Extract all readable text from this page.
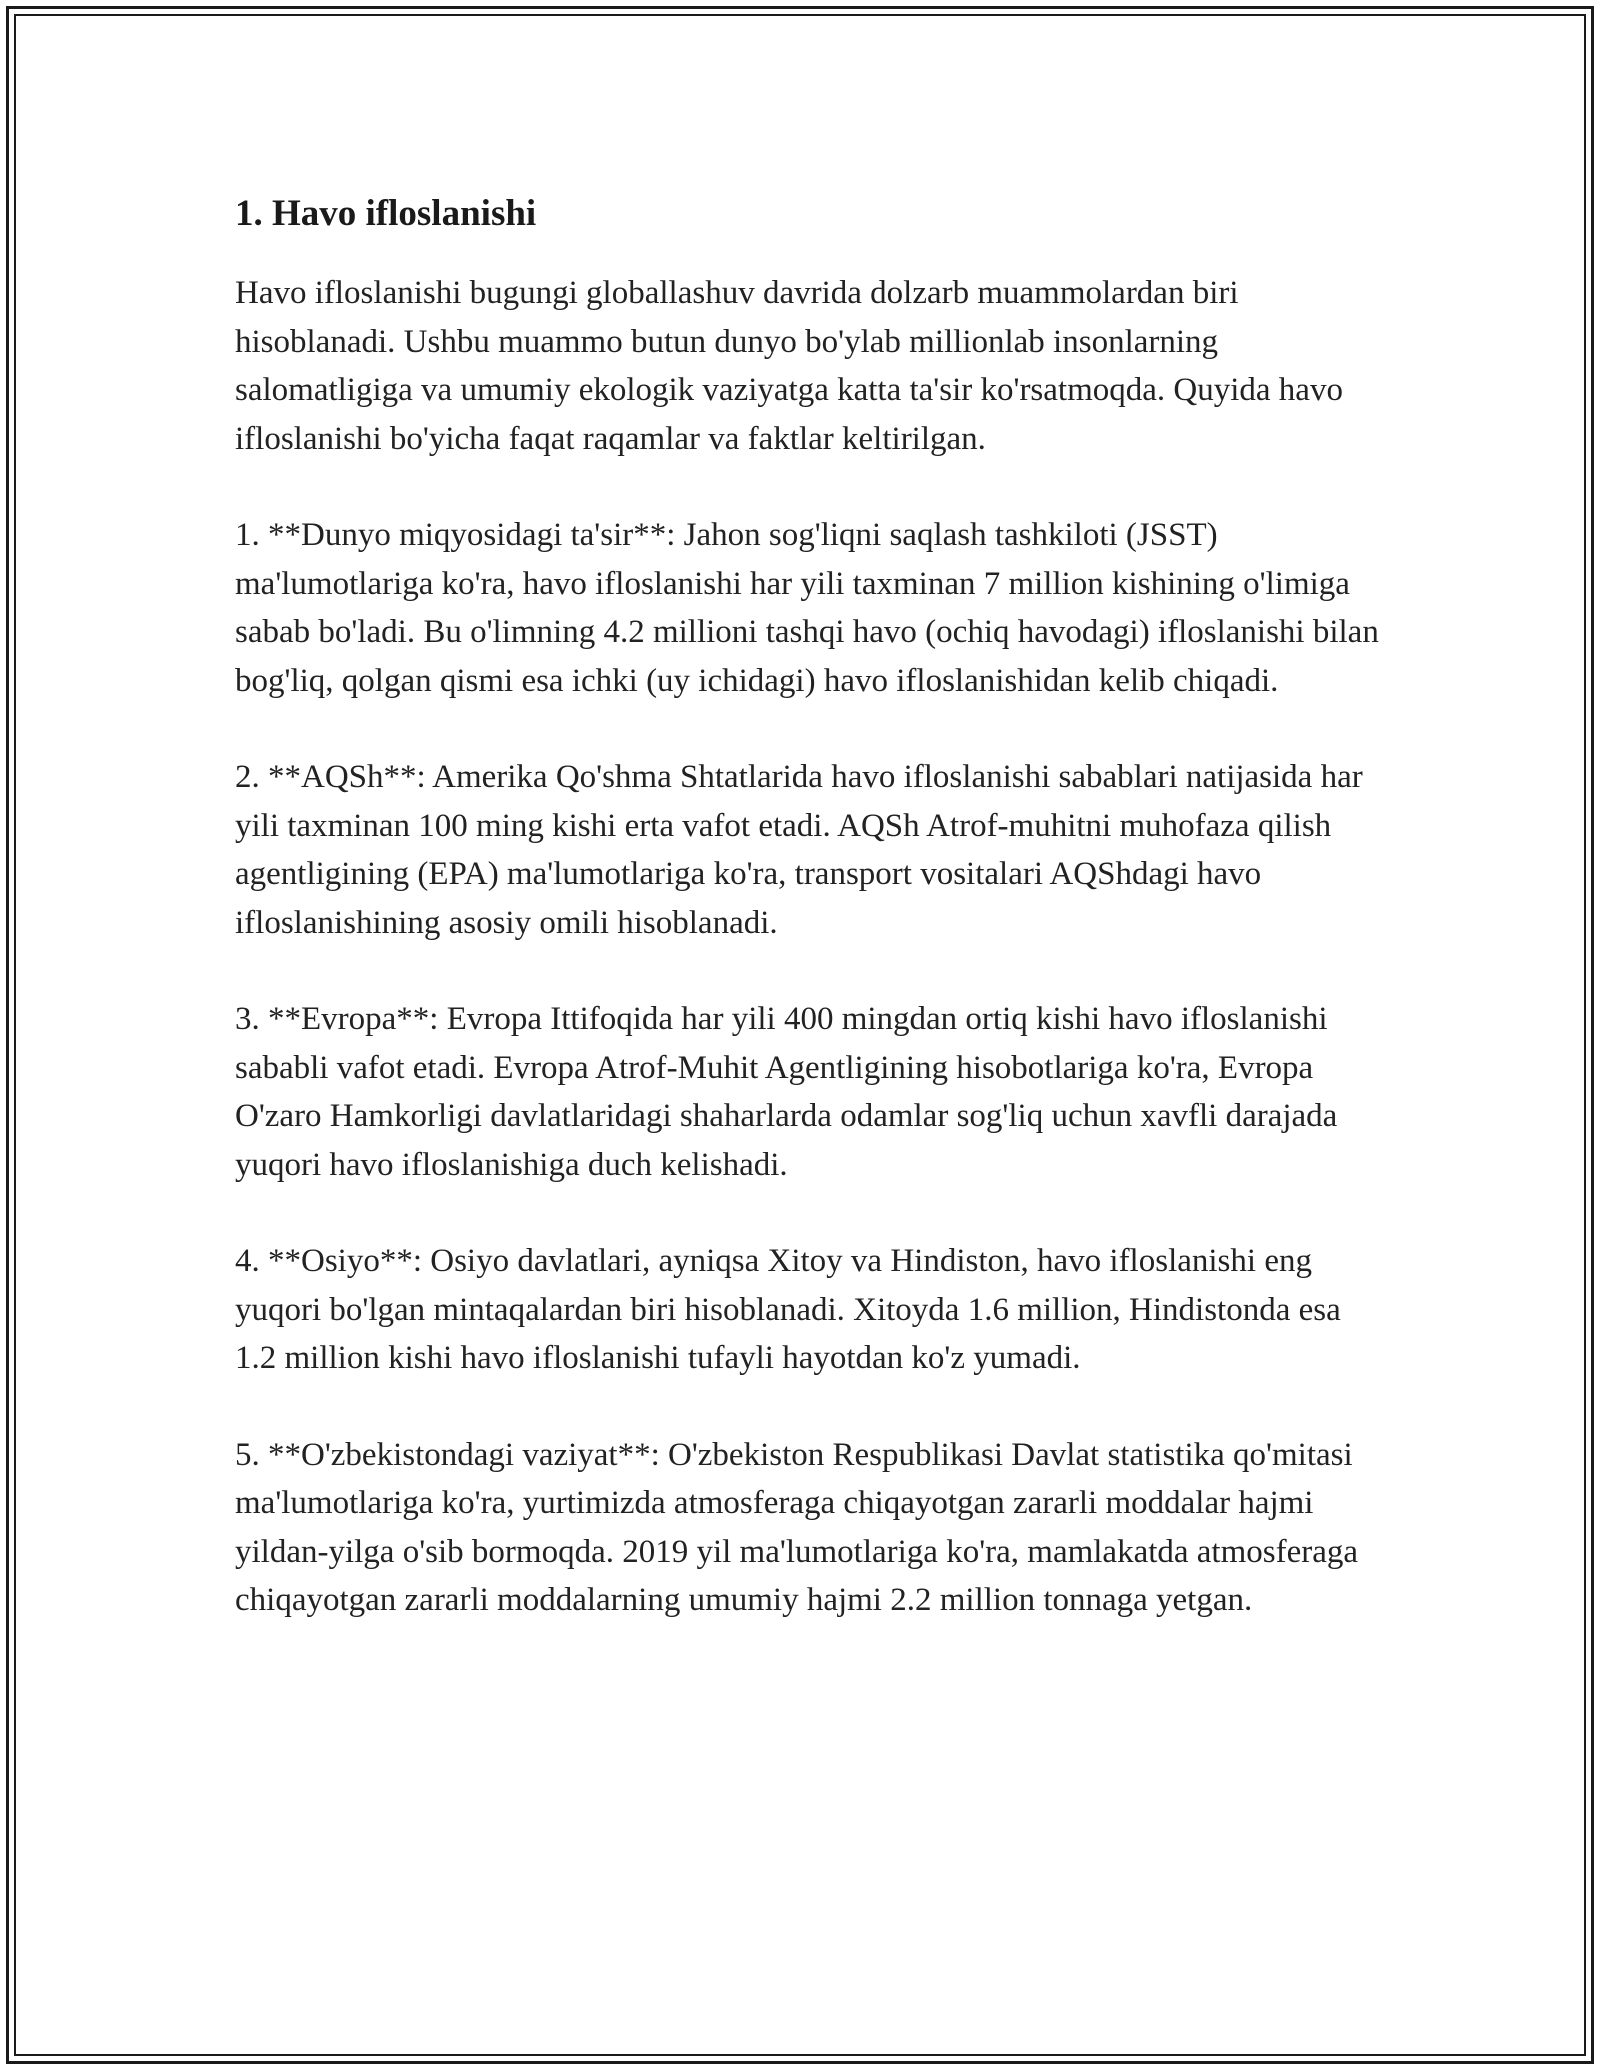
1. Havo ifloslanishi

Havo ifloslanishi bugungi globallashuv davrida dolzarb muammolardan biri hisoblanadi. Ushbu muammo butun dunyo bo'ylab millionlab insonlarning salomatligiga va umumiy ekologik vaziyatga katta ta'sir ko'rsatmoqda. Quyida havo ifloslanishi bo'yicha faqat raqamlar va faktlar keltirilgan.

1. **Dunyo miqyosidagi ta'sir**: Jahon sog'liqni saqlash tashkiloti (JSST) ma'lumotlariga ko'ra, havo ifloslanishi har yili taxminan 7 million kishining o'limiga sabab bo'ladi. Bu o'limning 4.2 millioni tashqi havo (ochiq havodagi) ifloslanishi bilan bog'liq, qolgan qismi esa ichki (uy ichidagi) havo ifloslanishidan kelib chiqadi.

2. **AQSh**: Amerika Qo'shma Shtatlarida havo ifloslanishi sabablari natijasida har yili taxminan 100 ming kishi erta vafot etadi. AQSh Atrof-muhitni muhofaza qilish agentligining (EPA) ma'lumotlariga ko'ra, transport vositalari AQShdagi havo ifloslanishining asosiy omili hisoblanadi.

3. **Evropa**: Evropa Ittifoqida har yili 400 mingdan ortiq kishi havo ifloslanishi sababli vafot etadi. Evropa Atrof-Muhit Agentligining hisobotlariga ko'ra, Evropa O'zaro Hamkorligi davlatlaridagi shaharlarda odamlar sog'liq uchun xavfli darajada yuqori havo ifloslanishiga duch kelishadi.

4. **Osiyo**: Osiyo davlatlari, ayniqsa Xitoy va Hindiston, havo ifloslanishi eng yuqori bo'lgan mintaqalardan biri hisoblanadi. Xitoyda 1.6 million, Hindistonda esa 1.2 million kishi havo ifloslanishi tufayli hayotdan ko'z yumadi.

5. **O'zbekistondagi vaziyat**: O'zbekiston Respublikasi Davlat statistika qo'mitasi ma'lumotlariga ko'ra, yurtimizda atmosferaga chiqayotgan zararli moddalar hajmi yildan-yilga o'sib bormoqda. 2019 yil ma'lumotlariga ko'ra, mamlakatda atmosferaga chiqayotgan zararli moddalarning umumiy hajmi 2.2 million tonnaga yetgan.
